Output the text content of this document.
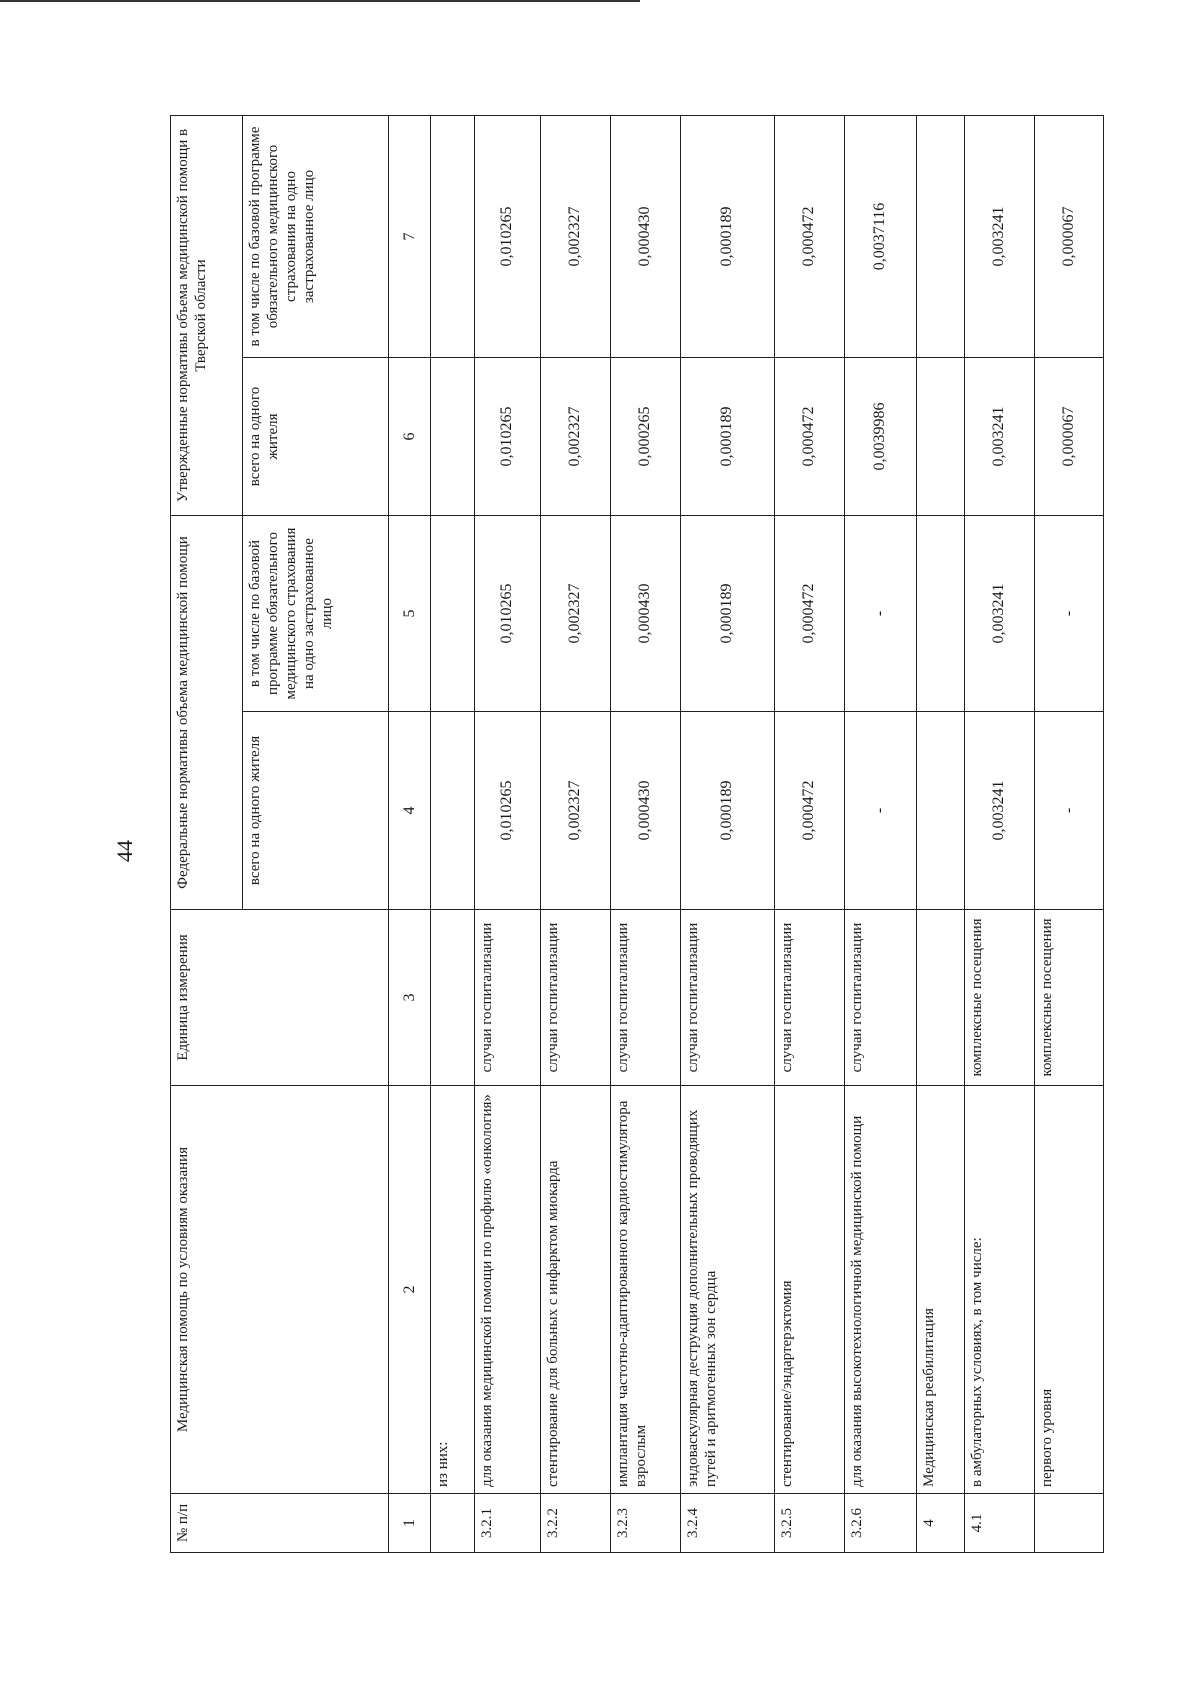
44
№ п/п	Медицинская помощь по условиям оказания	Единица измерения	Федеральные нормативы объема медицинской помощи		Утвержденные нормативы объема медицинской помощи в Тверской области	
			всего на одного жителя	в том числе по базовой программе обязательного медицинского страхования на одно застрахованное лицо	всего на одного жителя	в том числе по базовой программе обязательного медицинского страхования на одно застрахованное лицо
1	2	3	4	5	6	7
	из них:					
3.2.1	для оказания медицинской помощи по профилю «онкология»	случаи госпитализации	0,010265	0,010265	0,010265	0,010265
3.2.2	стентирование для больных с инфарктом миокарда	случаи госпитализации	0,002327	0,002327	0,002327	0,002327
3.2.3	имплантация частотно-адаптированного кардиостимулятора взрослым	случаи госпитализации	0,000430	0,000430	0,000265	0,000430
3.2.4	эндоваскулярная деструкция дополнительных проводящих путей и аритмогенных зон сердца	случаи госпитализации	0,000189	0,000189	0,000189	0,000189
3.2.5	стентирование/эндартерэктомия	случаи госпитализации	0,000472	0,000472	0,000472	0,000472
3.2.6	для оказания высокотехнологичной медицинской помощи	случаи госпитализации	-	-	0,0039986	0,0037116
4	Медицинская реабилитация					
4.1	в амбулаторных условиях, в том числе:	комплексные посещения	0,003241	0,003241	0,003241	0,003241
	первого уровня	комплексные посещения	-	-	0,000067	0,000067
